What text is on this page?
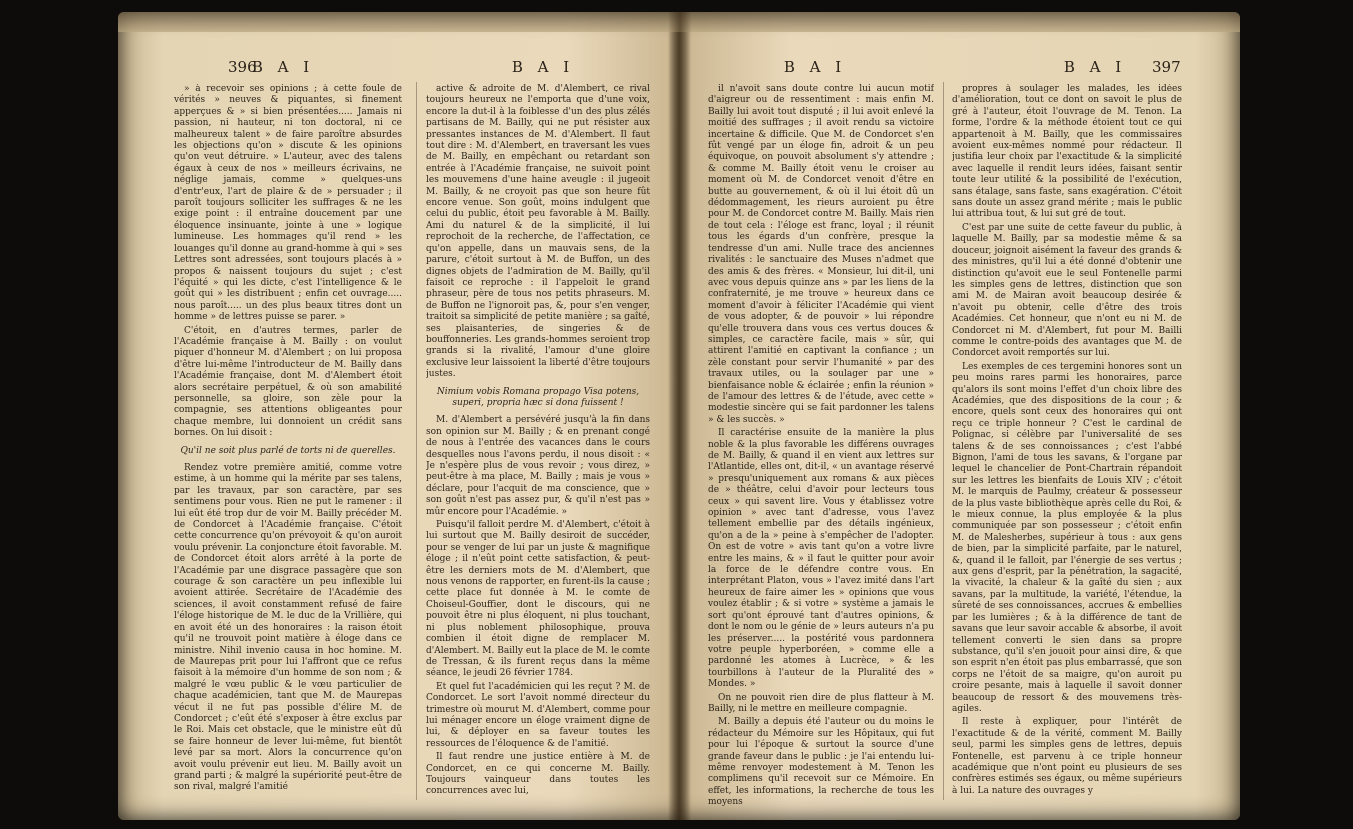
396
B A I	B A I

» à recevoir ses opinions ; à cette foule de vérités » neuves & piquantes, si finement apperçues & » si bien présentées..... Jamais ni passion, ni hauteur, ni ton doctoral, ni ce malheureux talent » de faire paroître absurdes les objections qu'on » discute & les opinions qu'on veut détruire. » L'auteur, avec des talens égaux à ceux de nos » meilleurs écrivains, ne néglige jamais, comme » quelques-uns d'entr'eux, l'art de plaire & de » persuader ; il paroît toujours solliciter les suffrages & ne les exige point : il entraîne doucement par une éloquence insinuante, jointe à une » logique lumineuse. Les hommages qu'il rend » les louanges qu'il donne au grand-homme à qui » ses Lettres sont adressées, sont toujours placés à » propos & naissent toujours du sujet ; c'est l'équité » qui les dicte, c'est l'intelligence & le goût qui » les distribuent ; enfin cet ouvrage..... nous paroît..... un des plus beaux titres dont un homme » de lettres puisse se parer. »

C'étoit, en d'autres termes, parler de l'Académie française à M. Bailly : on voulut piquer d'honneur M. d'Alembert ; on lui proposa d'être lui-même l'introducteur de M. Bailly dans l'Académie française, dont M. d'Alembert étoit alors secrétaire perpétuel, & où son amabilité personnelle, sa gloire, son zèle pour la compagnie, ses attentions obligeantes pour chaque membre, lui donnoient un crédit sans bornes. On lui disoit :

Qu'il ne soit plus parlé de torts ni de querelles.

Rendez votre première amitié, comme votre estime, à un homme qui la mérite par ses talens, par les travaux, par son caractère, par ses sentimens pour vous. Rien ne put le ramener : il lui eût été trop dur de voir M. Bailly précéder M. de Condorcet à l'Académie française. C'étoit cette concurrence qu'on prévoyoit & qu'on auroit voulu prévenir. La conjoncture étoit favorable. M. de Condorcet étoit alors arrêté à la porte de l'Académie par une disgrace passagère que son courage & son caractère un peu inflexible lui avoient attirée. Secrétaire de l'Académie des sciences, il avoit constamment refusé de faire l'éloge historique de M. le duc de la Vrillière, qui en avoit été un des honoraires : la raison étoit qu'il ne trouvoit point matière à éloge dans ce ministre. Nihil invenio causa in hoc homine. M. de Maurepas prit pour lui l'affront que ce refus faisoit à la mémoire d'un homme de son nom ; & malgré le vœu public & le vœu particulier de chaque académicien, tant que M. de Maurepas vécut il ne fut pas possible d'élire M. de Condorcet ; c'eût été s'exposer à être exclus par le Roi. Mais cet obstacle, que le ministre eût dû se faire honneur de lever lui-même, fut bientôt levé par sa mort. Alors la concurrence qu'on avoit voulu prévenir eut lieu. M. Bailly avoit un grand parti ; & malgré la supériorité peut-être de son rival, malgré l'amitié

active & adroite de M. d'Alembert, ce rival toujours heureux ne l'emporta que d'une voix, encore la dut-il à la foiblesse d'un des plus zélés partisans de M. Bailly, qui ne put résister aux pressantes instances de M. d'Alembert. Il faut tout dire : M. d'Alembert, en traversant les vues de M. Bailly, en empêchant ou retardant son entrée à l'Académie française, ne suivoit point les mouvemens d'une haine aveugle : il jugeoit M. Bailly, & ne croyoit pas que son heure fût encore venue. Son goût, moins indulgent que celui du public, étoit peu favorable à M. Bailly. Ami du naturel & de la simplicité, il lui reprochoit de la recherche, de l'affectation, ce qu'on appelle, dans un mauvais sens, de la parure, c'étoit surtout à M. de Buffon, un des dignes objets de l'admiration de M. Bailly, qu'il faisoit ce reproche : il l'appeloit le grand phraseur, père de tous nos petits phraseurs. M. de Buffon ne l'ignoroit pas, &, pour s'en venger, traitoit sa simplicité de petite manière ; sa gaîté, ses plaisanteries, de singeries & de bouffonneries. Les grands-hommes seroient trop grands si la rivalité, l'amour d'une gloire exclusive leur laissoient la liberté d'être toujours justes.

Nimium vobis Romana propago Visa potens, superi, propria hæc si dona fuissent !

M. d'Alembert a persévéré jusqu'à la fin dans son opinion sur M. Bailly ; & en prenant congé de nous à l'entrée des vacances dans le cours desquelles nous l'avons perdu, il nous disoit : « Je n'espère plus de vous revoir ; vous direz, » peut-être à ma place, M. Bailly ; mais je vous » déclare, pour l'acquit de ma conscience, que » son goût n'est pas assez pur, & qu'il n'est pas » mûr encore pour l'Académie. »

Puisqu'il falloit perdre M. d'Alembert, c'étoit à lui surtout que M. Bailly desiroit de succéder, pour se venger de lui par un juste & magnifique éloge ; il n'eût point cette satisfaction, & peut-être les derniers mots de M. d'Alembert, que nous venons de rapporter, en furent-ils la cause ; cette place fut donnée à M. le comte de Choiseul-Gouffier, dont le discours, qui ne pouvoit être ni plus éloquent, ni plus touchant, ni plus noblement philosophique, prouva combien il étoit digne de remplacer M. d'Alembert. M. Bailly eut la place de M. le comte de Tressan, & ils furent reçus dans la même séance, le jeudi 26 février 1784.

Et quel fut l'académicien qui les reçut ? M. de Condorcet. Le sort l'avoit nommé directeur du trimestre où mourut M. d'Alembert, comme pour lui ménager encore un éloge vraiment digne de lui, & déployer en sa faveur toutes les ressources de l'éloquence & de l'amitié.

Il faut rendre une justice entière à M. de Condorcet, en ce qui concerne M. Bailly. Toujours vainqueur dans toutes les concurrences avec lui,

B A I	B A I	397

il n'avoit sans doute contre lui aucun motif d'aigreur ou de ressentiment : mais enfin M. Bailly lui avoit tout disputé ; il lui avoit enlevé la moitié des suffrages ; il avoit rendu sa victoire incertaine & difficile. Que M. de Condorcet s'en fût vengé par un éloge fin, adroit & un peu équivoque, on pouvoit absolument s'y attendre ; & comme M. Bailly étoit venu le croiser au moment où M. de Condorcet venoit d'être en butte au gouvernement, & où il lui étoit dû un dédommagement, les rieurs auroient pu être pour M. de Condorcet contre M. Bailly. Mais rien de tout cela : l'éloge est franc, loyal ; il réunit tous les égards d'un confrère, presque la tendresse d'un ami. Nulle trace des anciennes rivalités : le sanctuaire des Muses n'admet que des amis & des frères. « Monsieur, lui dit-il, uni avec vous depuis quinze ans » par les liens de la confraternité, je me trouve » heureux dans ce moment d'avoir à féliciter l'Académie qui vient de vous adopter, & de pouvoir » lui répondre qu'elle trouvera dans vous ces vertus douces & simples, ce caractère facile, mais » sûr, qui attirent l'amitié en captivant la confiance ; un zèle constant pour servir l'humanité » par des travaux utiles, ou la soulager par une » bienfaisance noble & éclairée ; enfin la réunion » de l'amour des lettres & de l'étude, avec cette » modestie sincère qui se fait pardonner les talens » & les succès. »

Il caractérise ensuite de la manière la plus noble & la plus favorable les différens ouvrages de M. Bailly, & quand il en vient aux lettres sur l'Atlantide, elles ont, dit-il, « un avantage réservé » presqu'uniquement aux romans & aux pièces de » théâtre, celui d'avoir pour lecteurs tous ceux » qui savent lire. Vous y établissez votre opinion » avec tant d'adresse, vous l'avez tellement embellie par des détails ingénieux, qu'on a de la » peine à s'empêcher de l'adopter. On est de votre » avis tant qu'on a votre livre entre les mains, & » il faut le quitter pour avoir la force de le défendre contre vous. En interprétant Platon, vous » l'avez imité dans l'art heureux de faire aimer les » opinions que vous voulez établir ; & si votre » système a jamais le sort qu'ont éprouvé tant d'autres opinions, & dont le nom ou le génie de » leurs auteurs n'a pu les préserver..... la postérité vous pardonnera votre peuple hyperboréen, » comme elle a pardonné les atomes à Lucrèce, » & les tourbillons à l'auteur de la Pluralité des » Mondes. »

On ne pouvoit rien dire de plus flatteur à M. Bailly, ni le mettre en meilleure compagnie.

M. Bailly a depuis été l'auteur ou du moins le rédacteur du Mémoire sur les Hôpitaux, qui fut pour lui l'époque & surtout la source d'une grande faveur dans le public : je l'ai entendu lui-même renvoyer modestement à M. Tenon les complimens qu'il recevoit sur ce Mémoire. En effet, les informations, la recherche de tous les moyens

propres à soulager les malades, les idées d'amélioration, tout ce dont on savoit le plus de gré à l'auteur, étoit l'ouvrage de M. Tenon. La forme, l'ordre & la méthode étoient tout ce qui appartenoit à M. Bailly, que les commissaires avoient eux-mêmes nommé pour rédacteur. Il justifia leur choix par l'exactitude & la simplicité avec laquelle il rendit leurs idées, faisant sentir toute leur utilité & la possibilité de l'exécution, sans étalage, sans faste, sans exagération. C'étoit sans doute un assez grand mérite ; mais le public lui attribua tout, & lui sut gré de tout.

C'est par une suite de cette faveur du public, à laquelle M. Bailly, par sa modestie même & sa douceur, joignoit aisément la faveur des grands & des ministres, qu'il lui a été donné d'obtenir une distinction qu'avoit eue le seul Fontenelle parmi les simples gens de lettres, distinction que son ami M. de Mairan avoit beaucoup desirée & n'avoit pu obtenir, celle d'être des trois Académies. Cet honneur, que n'ont eu ni M. de Condorcet ni M. d'Alembert, fut pour M. Bailli comme le contre-poids des avantages que M. de Condorcet avoit remportés sur lui.

Les exemples de ces tergemini honores sont un peu moins rares parmi les honoraires, parce qu'alors ils sont moins l'effet d'un choix libre des Académies, que des dispositions de la cour ; & encore, quels sont ceux des honoraires qui ont reçu ce triple honneur ? C'est le cardinal de Polignac, si célèbre par l'universalité de ses talens & de ses connoissances ; c'est l'abbé Bignon, l'ami de tous les savans, & l'organe par lequel le chancelier de Pont-Chartrain répandoit sur les lettres les bienfaits de Louis XIV ; c'étoit M. le marquis de Paulmy, créateur & possesseur de la plus vaste bibliothèque après celle du Roi, & le mieux connue, la plus employée & la plus communiquée par son possesseur ; c'étoit enfin M. de Malesherbes, supérieur à tous : aux gens de bien, par la simplicité parfaite, par le naturel, &, quand il le falloit, par l'énergie de ses vertus ; aux gens d'esprit, par la pénétration, la sagacité, la vivacité, la chaleur & la gaîté du sien ; aux savans, par la multitude, la variété, l'étendue, la sûreté de ses connoissances, accrues & embellies par les lumières ; & à la différence de tant de savans que leur savoir accable & absorbe, il avoit tellement converti le sien dans sa propre substance, qu'il s'en jouoit pour ainsi dire, & que son esprit n'en étoit pas plus embarrassé, que son corps ne l'étoit de sa maigre, qu'on auroit pu croire pesante, mais à laquelle il savoit donner beaucoup de ressort & des mouvemens très-agiles.

Il reste à expliquer, pour l'intérêt de l'exactitude & de la vérité, comment M. Bailly seul, parmi les simples gens de lettres, depuis Fontenelle, est parvenu à ce triple honneur académique que n'ont point eu plusieurs de ses confrères estimés ses égaux, ou même supérieurs à lui. La nature des ouvrages y
